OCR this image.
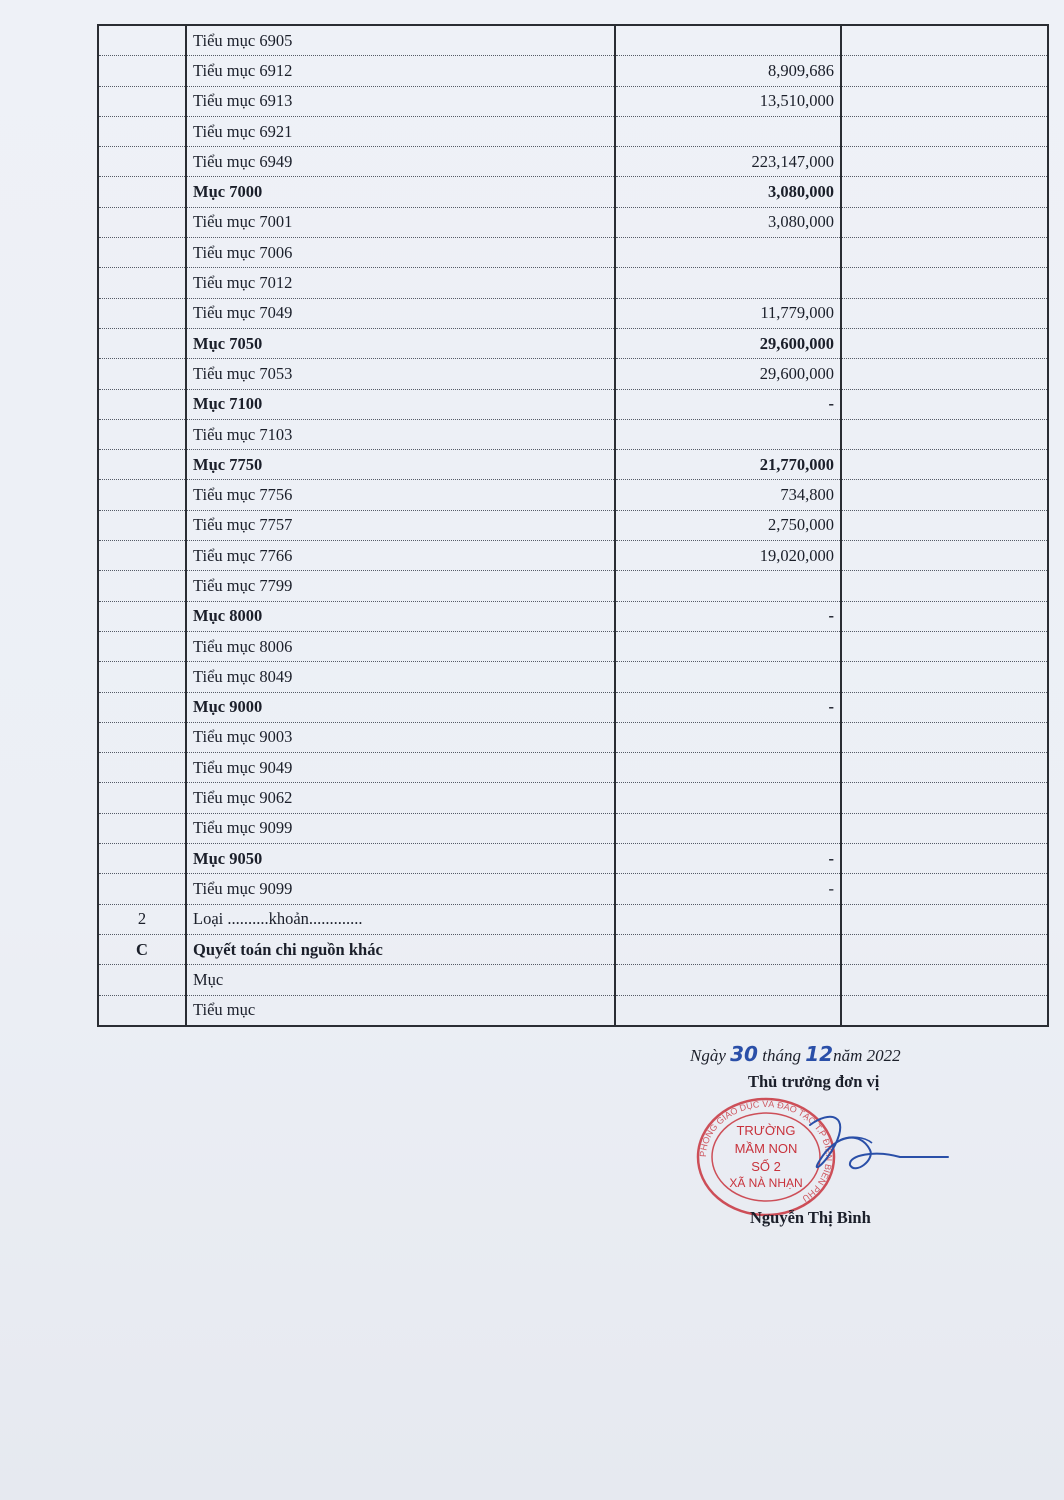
	Tiểu mục 6905		
	Tiểu mục 6912	8,909,686	
	Tiểu mục 6913	13,510,000	
	Tiểu mục 6921		
	Tiểu mục 6949	223,147,000	
	Mục 7000	3,080,000	
	Tiểu mục 7001	3,080,000	
	Tiểu mục 7006		
	Tiểu mục 7012		
	Tiểu mục 7049	11,779,000	
	Mục 7050	29,600,000	
	Tiểu mục 7053	29,600,000	
	Mục 7100	-	
	Tiểu mục 7103		
	Mục 7750	21,770,000	
	Tiểu mục 7756	734,800	
	Tiểu mục 7757	2,750,000	
	Tiểu mục 7766	19,020,000	
	Tiểu mục 7799		
	Mục 8000	-	
	Tiểu mục 8006		
	Tiểu mục 8049		
	Mục 9000	-	
	Tiểu mục 9003		
	Tiểu mục 9049		
	Tiểu mục 9062		
	Tiểu mục 9099		
	Mục 9050	-	
	Tiểu mục 9099	-	
2	Loại ..........khoản.............		
C	Quyết toán chi nguồn khác		
	Mục		
	Tiểu mục		
Ngày 30 tháng 12năm 2022
Thủ trưởng đơn vị
PHÒNG GIÁO DỤC VÀ ĐÀO TẠO T.P ĐIỆN BIÊN PHỦ
TRƯỜNG
MẦM NON
SỐ 2
XÃ NÀ NHẠN
Nguyễn Thị Bình
